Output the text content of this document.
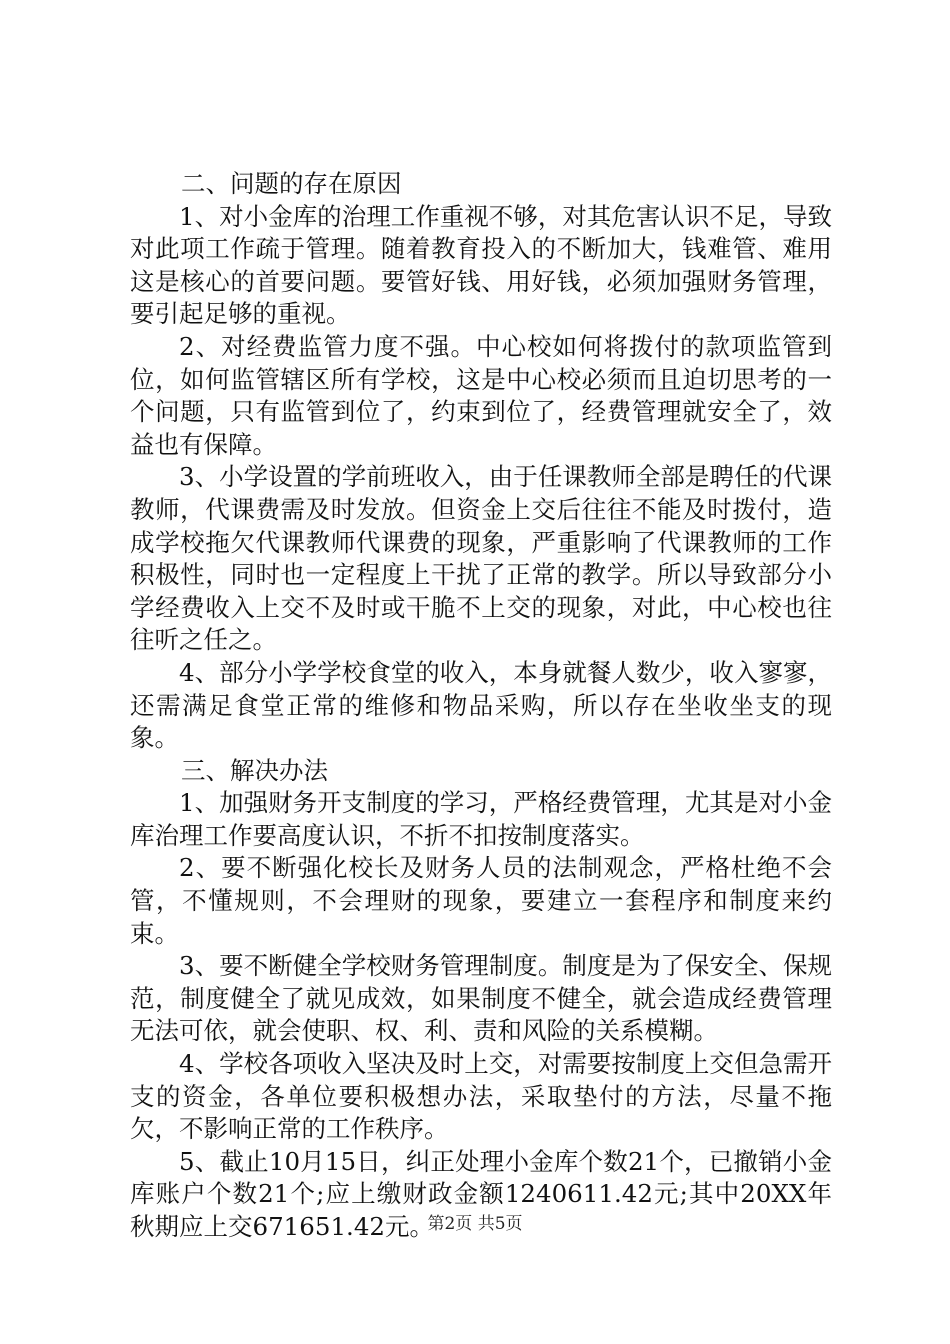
二、问题的存在原因

1、对小金库的治理工作重视不够，对其危害认识不足，导致对此项工作疏于管理。随着教育投入的不断加大，钱难管、难用这是核心的首要问题。要管好钱、用好钱，必须加强财务管理，要引起足够的重视。

2、对经费监管力度不强。中心校如何将拨付的款项监管到位，如何监管辖区所有学校，这是中心校必须而且迫切思考的一个问题，只有监管到位了，约束到位了，经费管理就安全了，效益也有保障。

3、小学设置的学前班收入，由于任课教师全部是聘任的代课教师，代课费需及时发放。但资金上交后往往不能及时拨付，造成学校拖欠代课教师代课费的现象，严重影响了代课教师的工作积极性，同时也一定程度上干扰了正常的教学。所以导致部分小学经费收入上交不及时或干脆不上交的现象，对此，中心校也往往听之任之。

4、部分小学学校食堂的收入，本身就餐人数少，收入寥寥，还需满足食堂正常的维修和物品采购，所以存在坐收坐支的现象。

三、解决办法

1、加强财务开支制度的学习，严格经费管理，尤其是对小金库治理工作要高度认识，不折不扣按制度落实。

2、要不断强化校长及财务人员的法制观念，严格杜绝不会管，不懂规则，不会理财的现象，要建立一套程序和制度来约束。

3、要不断健全学校财务管理制度。制度是为了保安全、保规范，制度健全了就见成效，如果制度不健全，就会造成经费管理无法可依，就会使职、权、利、责和风险的关系模糊。

4、学校各项收入坚决及时上交，对需要按制度上交但急需开支的资金，各单位要积极想办法，采取垫付的方法，尽量不拖欠，不影响正常的工作秩序。

5、截止10月15日，纠正处理小金库个数21个，已撤销小金库账户个数21个;应上缴财政金额1240611.42元;其中20XX年秋期应上交671651.42元。

第2页 共5页
